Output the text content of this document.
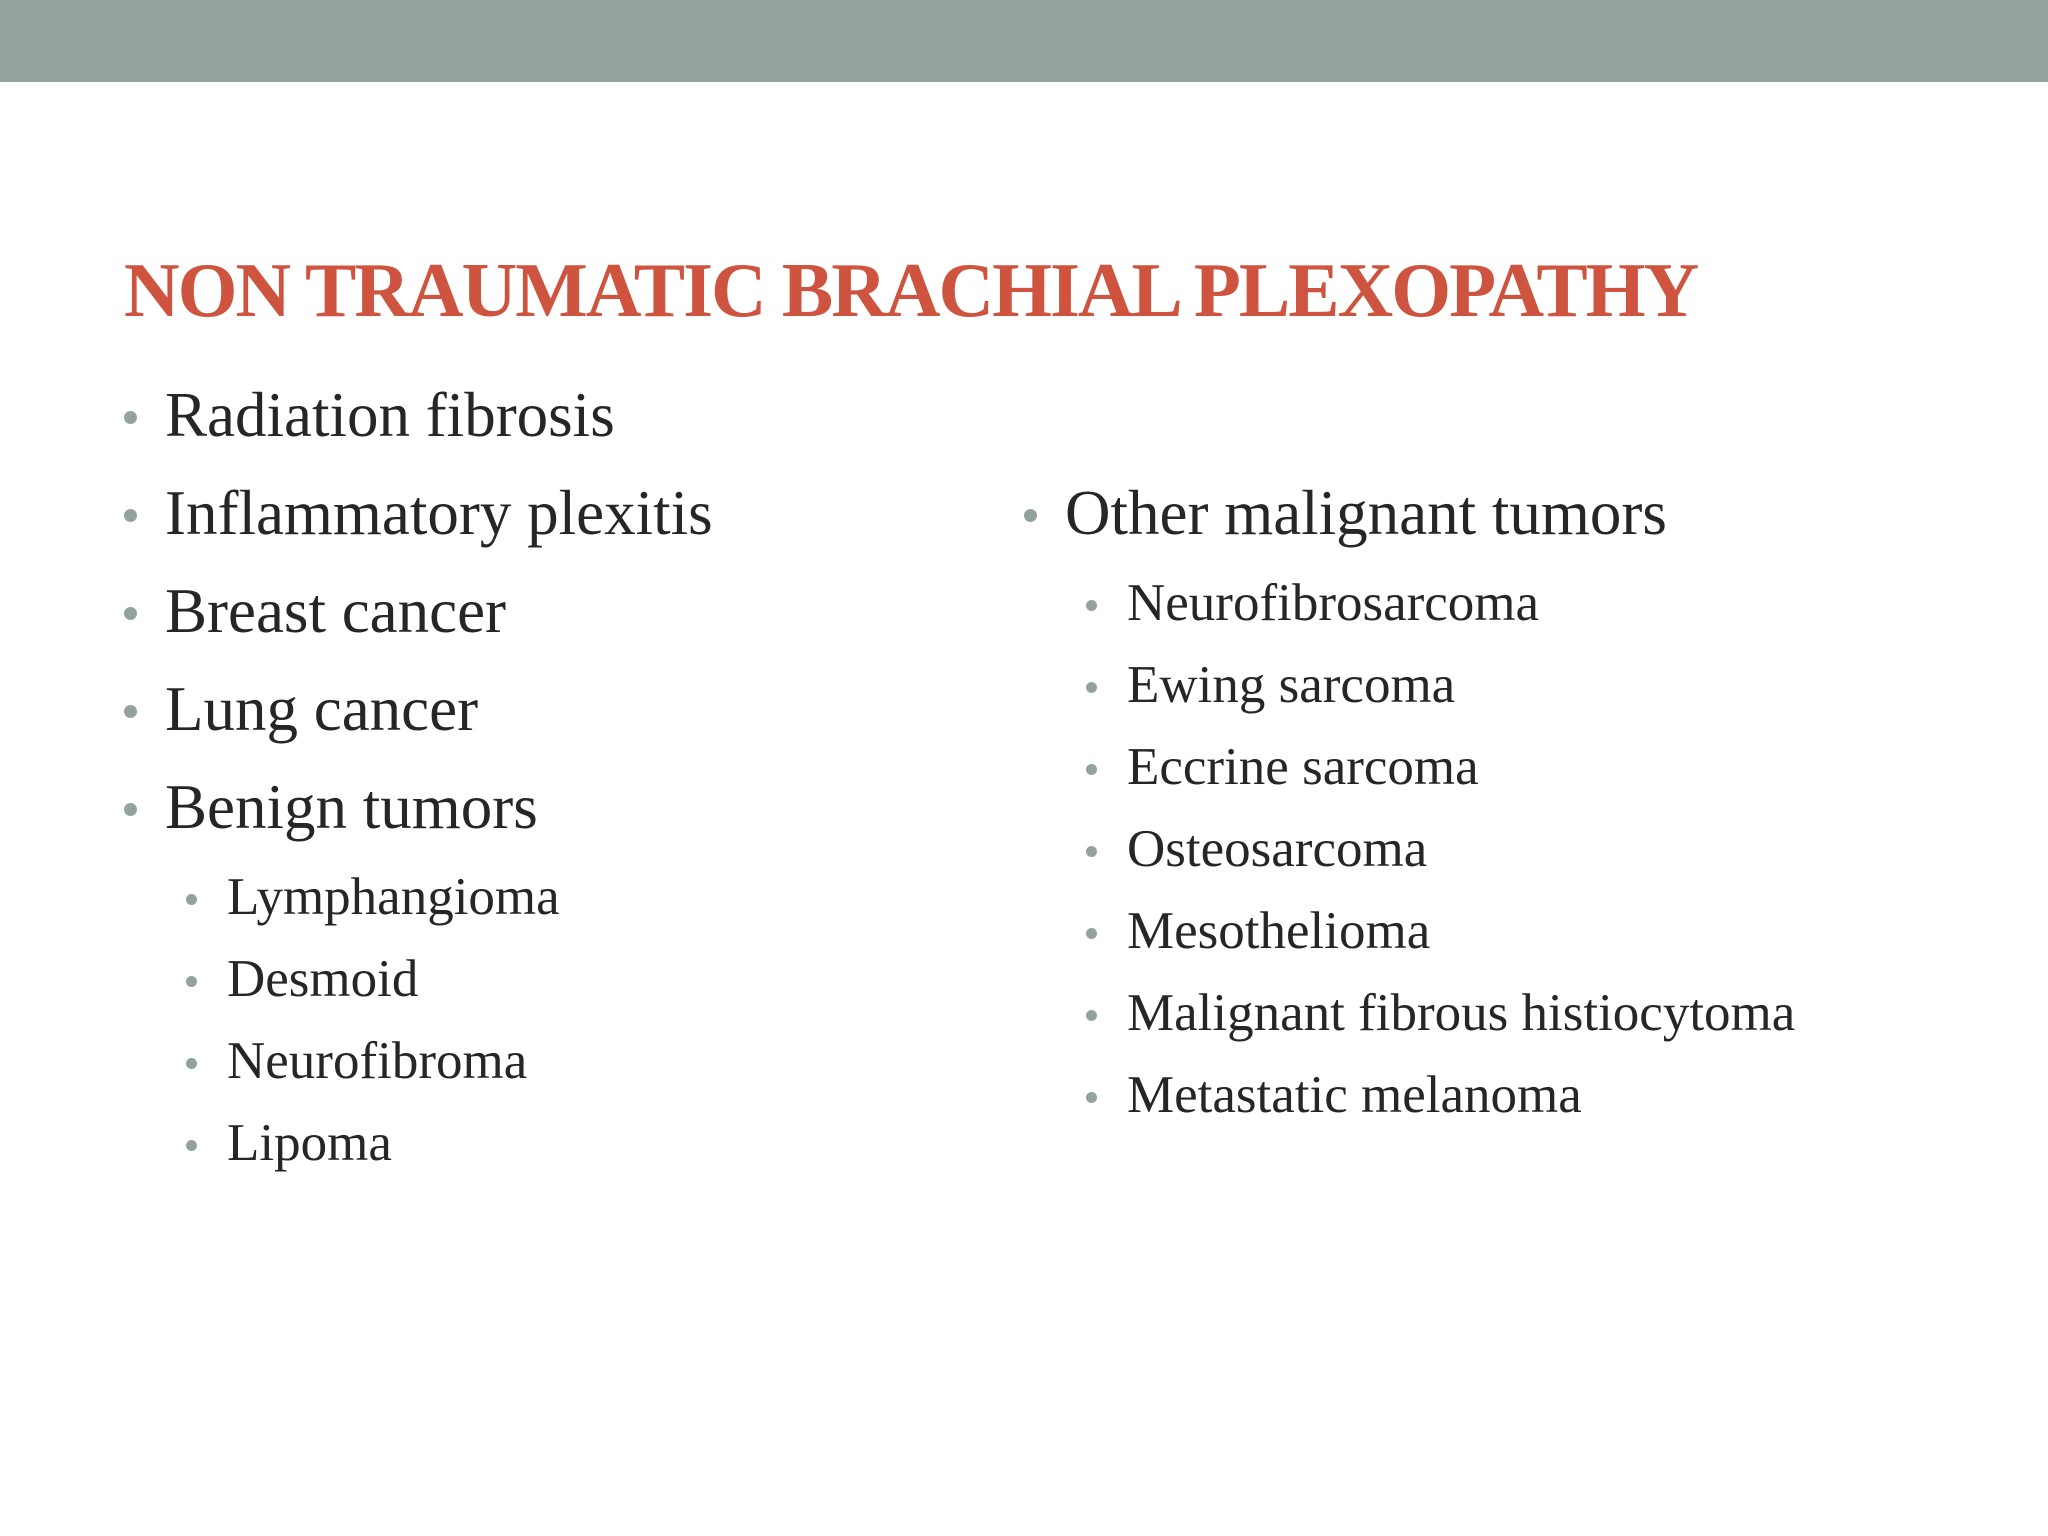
NON TRAUMATIC BRACHIAL PLEXOPATHY
Radiation fibrosis
Inflammatory plexitis
Breast cancer
Lung cancer
Benign tumors
Lymphangioma
Desmoid
Neurofibroma
Lipoma
Other malignant tumors
Neurofibrosarcoma
Ewing sarcoma
Eccrine sarcoma
Osteosarcoma
Mesothelioma
Malignant fibrous histiocytoma
Metastatic melanoma
